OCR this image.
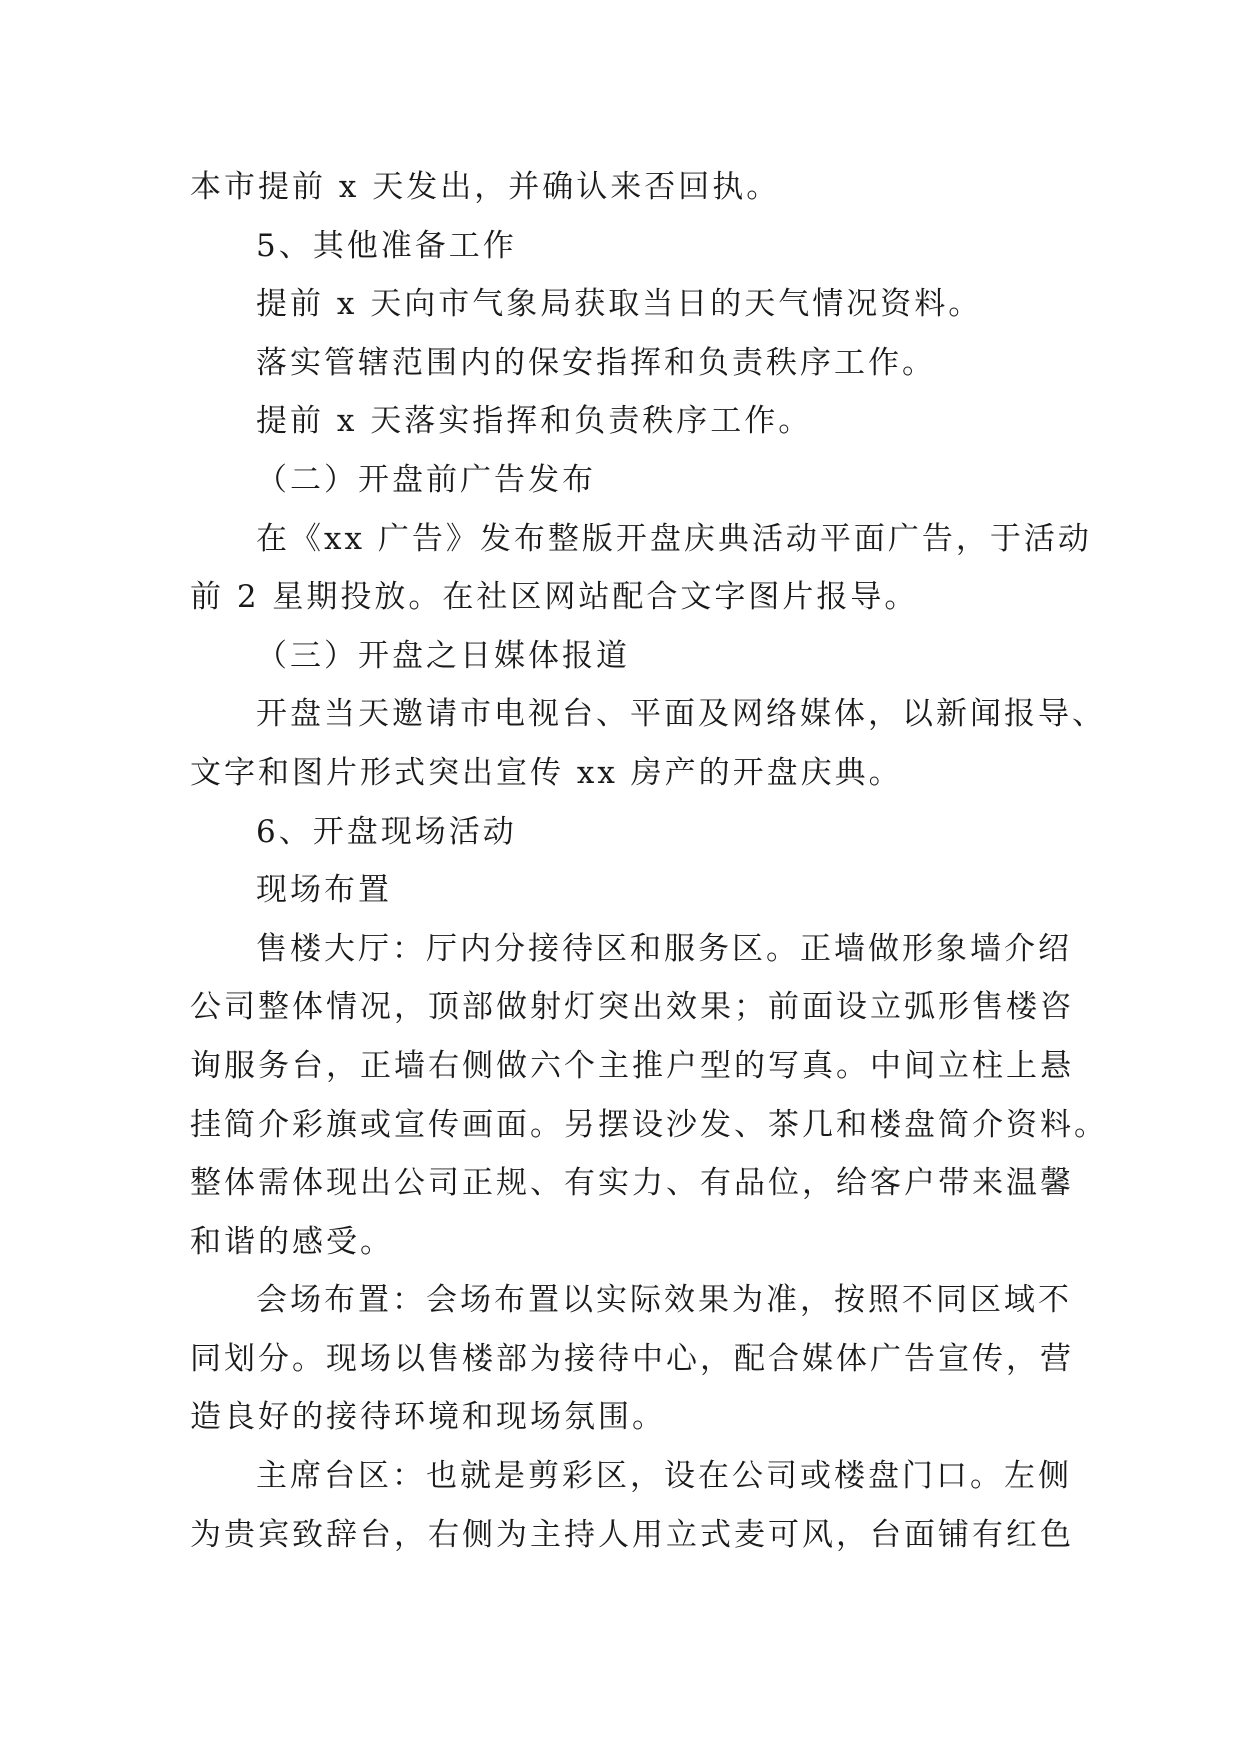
本市提前 x 天发出，并确认来否回执。
5、其他准备工作
提前 x 天向市气象局获取当日的天气情况资料。
落实管辖范围内的保安指挥和负责秩序工作。
提前 x 天落实指挥和负责秩序工作。
（二）开盘前广告发布
在《xx 广告》发布整版开盘庆典活动平面广告，于活动
前 2 星期投放。在社区网站配合文字图片报导。
（三）开盘之日媒体报道
开盘当天邀请市电视台、平面及网络媒体，以新闻报导、
文字和图片形式突出宣传 xx 房产的开盘庆典。
6、开盘现场活动
现场布置
售楼大厅：厅内分接待区和服务区。正墙做形象墙介绍
公司整体情况，顶部做射灯突出效果；前面设立弧形售楼咨
询服务台，正墙右侧做六个主推户型的写真。中间立柱上悬
挂简介彩旗或宣传画面。另摆设沙发、茶几和楼盘简介资料。
整体需体现出公司正规、有实力、有品位，给客户带来温馨
和谐的感受。
会场布置：会场布置以实际效果为准，按照不同区域不
同划分。现场以售楼部为接待中心，配合媒体广告宣传，营
造良好的接待环境和现场氛围。
主席台区：也就是剪彩区，设在公司或楼盘门口。左侧
为贵宾致辞台，右侧为主持人用立式麦可风，台面铺有红色
